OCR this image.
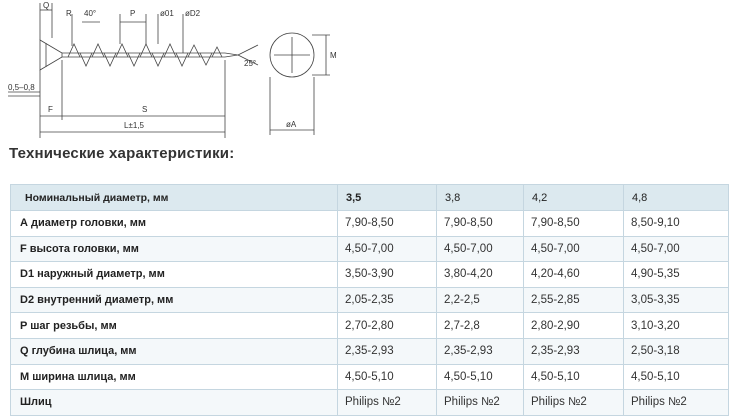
Q
R 40°	P	ø01 øD2
25°
M
0,5–0,8
F	S
L±1,5	øA
Технические характеристики:
Номинальный диаметр, мм	3,5	3,8	4,2	4,8
А диаметр головки, мм	7,90-8,50	7,90-8,50	7,90-8,50	8,50-9,10
F высота головки, мм	4,50-7,00	4,50-7,00	4,50-7,00	4,50-7,00
D1 наружный диаметр, мм	3,50-3,90	3,80-4,20	4,20-4,60	4,90-5,35
D2 внутренний диаметр, мм	2,05-2,35	2,2-2,5	2,55-2,85	3,05-3,35
P шаг резьбы, мм	2,70-2,80	2,7-2,8	2,80-2,90	3,10-3,20
Q глубина шлица, мм	2,35-2,93	2,35-2,93	2,35-2,93	2,50-3,18
M ширина шлица, мм	4,50-5,10	4,50-5,10	4,50-5,10	4,50-5,10
Шлиц	Philips №2	Philips №2	Philips №2	Philips №2
